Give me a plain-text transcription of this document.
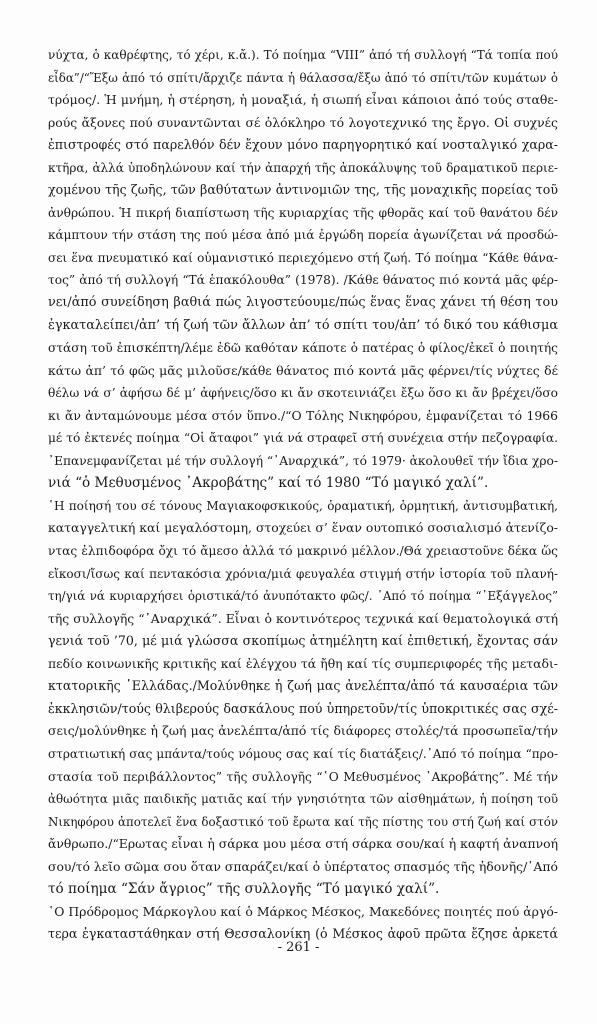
νύχτα, ὁ καθρέφτης, τό χέρι, κ.ἄ.). Τό ποίημα “VIII” ἀπό τή συλλογή “Τά τοπία πού
εἶδα”/“Ἔξω ἀπό τό σπίτι/ἄρχιζε πάντα ἡ θάλασσα/ἔξω ἀπό τό σπίτι/τῶν κυμάτων ὁ
τρόμος/. Ἡ μνήμη, ἡ στέρηση, ἡ μοναξιά, ἡ σιωπή εἶναι κάποιοι ἀπό τούς σταθε-
ρούς ἄξονες πού συναντῶνται σέ ὁλόκληρο τό λογοτεχνικό της ἔργο. Οἱ συχνές
ἐπιστροφές στό παρελθόν δέν ἔχουν μόνο παρηγορητικό καί νοσταλγικό χαρα-
κτῆρα, ἀλλά ὑποδηλώνουν καί τήν ἀπαρχή τῆς ἀποκάλυψης τοῦ δραματικοῦ περιε-
χομένου τῆς ζωῆς, τῶν βαθύτατων ἀντινομιῶν της, τῆς μοναχικῆς πορείας τοῦ
ἀνθρώπου. Ἡ πικρή διαπίστωση τῆς κυριαρχίας τῆς φθορᾶς καί τοῦ θανάτου δέν
κάμπτουν τήν στάση της πού μέσα ἀπό μιά ἐργώδη πορεία ἀγωνίζεται νά προσδώ-
σει ἕνα πνευματικό καί οὑμανιστικό περιεχόμενο στή ζωή. Τό ποίημα “Κάθε θάνα-
τος” ἀπό τή συλλογή “Τά ἑπακόλουθα” (1978). /Κάθε θάνατος πιό κοντά μᾶς φέρ-
νει/ἀπό συνείδηση βαθιά πώς λιγοστεύουμε/πώς ἕνας ἕνας χάνει τή θέση του
ἐγκαταλείπει/ἀπ’ τή ζωή τῶν ἄλλων ἀπ’ τό σπίτι του/ἀπ’ τό δικό του κάθισμα
στάση τοῦ ἐπισκέπτη/λέμε ἐδῶ καθόταν κάποτε ὁ πατέρας ὁ φίλος/ἐκεῖ ὁ ποιητής
κάτω ἀπ’ τό φῶς μᾶς μιλοῦσε/κάθε θάνατος πιό κοντά μᾶς φέρνει/τίς νύχτες δέ
θέλω νά σ’ ἀφήσω δέ μ’ ἀφήνεις/ὅσο κι ἄν σκοτεινιάζει ἔξω ὅσο κι ἄν βρέχει/ὅσο
κι ἄν ἀνταμώνουμε μέσα στόν ὕπνο./“Ο Τόλης Νικηφόρου, ἐμφανίζεται τό 1966
μέ τό ἐκτενές ποίημα “Οἱ ἄταφοι” γιά νά στραφεῖ στή συνέχεια στήν πεζογραφία.
᾿Επανεμφανίζεται μέ τήν συλλογή “᾿Αναρχικά”, τό 1979· ἀκολουθεῖ τήν ἴδια χρο-
νιά “ὁ Μεθυσμένος ᾿Ακροβάτης” καί τό 1980 “Τό μαγικό χαλί”.
῾Η ποίησή του σέ τόνους Μαγιακοφσκικούς, ὁραματική, ὁρμητική, ἀντισυμβατική,
καταγγελτική καί μεγαλόστομη, στοχεύει σ’ ἕναν ουτοπικό σοσιαλισμό ἀτενίζο-
ντας ἐλπιδοφόρα ὄχι τό ἄμεσο ἀλλά τό μακρινό μέλλον./Θά χρειαστοῦνε δέκα ὥς
εἴκοσι/ἴσως καί πεντακόσια χρόνια/μιά φευγαλέα στιγμή στήν ἱστορία τοῦ πλανή-
τη/γιά νά κυριαρχήσει ὁριστικά/τό ἀνυπότακτο φῶς/. ᾿Από τό ποίημα “᾿Εξάγγελος”
τῆς συλλογῆς “᾿Αναρχικά”. Εἶναι ὁ κοντινότερος τεχνικά καί θεματολογικά στή
γενιά τοῦ ’70, μέ μιά γλώσσα σκοπίμως ἀτημέλητη καί ἐπιθετική, ἔχοντας σάν
πεδίο κοινωνικῆς κριτικῆς καί ἐλέγχου τά ἤθη καί τίς συμπεριφορές τῆς μεταδι-
κτατορικῆς ῾Ελλάδας./Μολύνθηκε ἡ ζωή μας ἀνελέπτα/ἀπό τά καυσαέρια τῶν
ἐκκλησιῶν/τούς θλιβερούς δασκάλους πού ὑπηρετοῦν/τίς ὑποκριτικές σας σχέ-
σεις/μολύνθηκε ἡ ζωή μας ἀνελέπτα/ἀπό τίς διάφορες στολές/τά προσωπεῖα/τήν
στρατιωτική σας μπάντα/τούς νόμους σας καί τίς διατάξεις/.᾿Από τό ποίημα “προ-
στασία τοῦ περιβάλλοντος” τῆς συλλογῆς “῾Ο Μεθυσμένος ᾿Ακροβάτης”. Μέ τήν
ἀθωότητα μιᾶς παιδικῆς ματιᾶς καί τήν γνησιότητα τῶν αἰσθημάτων, ἡ ποίηση τοῦ
Νικηφόρου ἀποτελεῖ ἕνα δοξαστικό τοῦ ἔρωτα καί τῆς πίστης του στή ζωή καί στόν
ἄνθρωπο./“Ερωτας εἶναι ἡ σάρκα μου μέσα στή σάρκα σου/καί ἡ καφτή ἀναπνοή
σου/τό λεῖο σῶμα σου ὅταν σπαράζει/καί ὁ ὑπέρτατος σπασμός τῆς ἡδονῆς/᾿Από
τό ποίημα “Σάν ἄγριος” τῆς συλλογῆς “Τό μαγικό χαλί”.
῾Ο Πρόδρομος Μάρκογλου καί ὁ Μάρκος Μέσκος, Μακεδόνες ποιητές πού ἀργό-
τερα ἐγκαταστάθηκαν στή Θεσσαλονίκη (ὁ Μέσκος ἀφοῦ πρῶτα ἔζησε ἀρκετά
- 261 -
